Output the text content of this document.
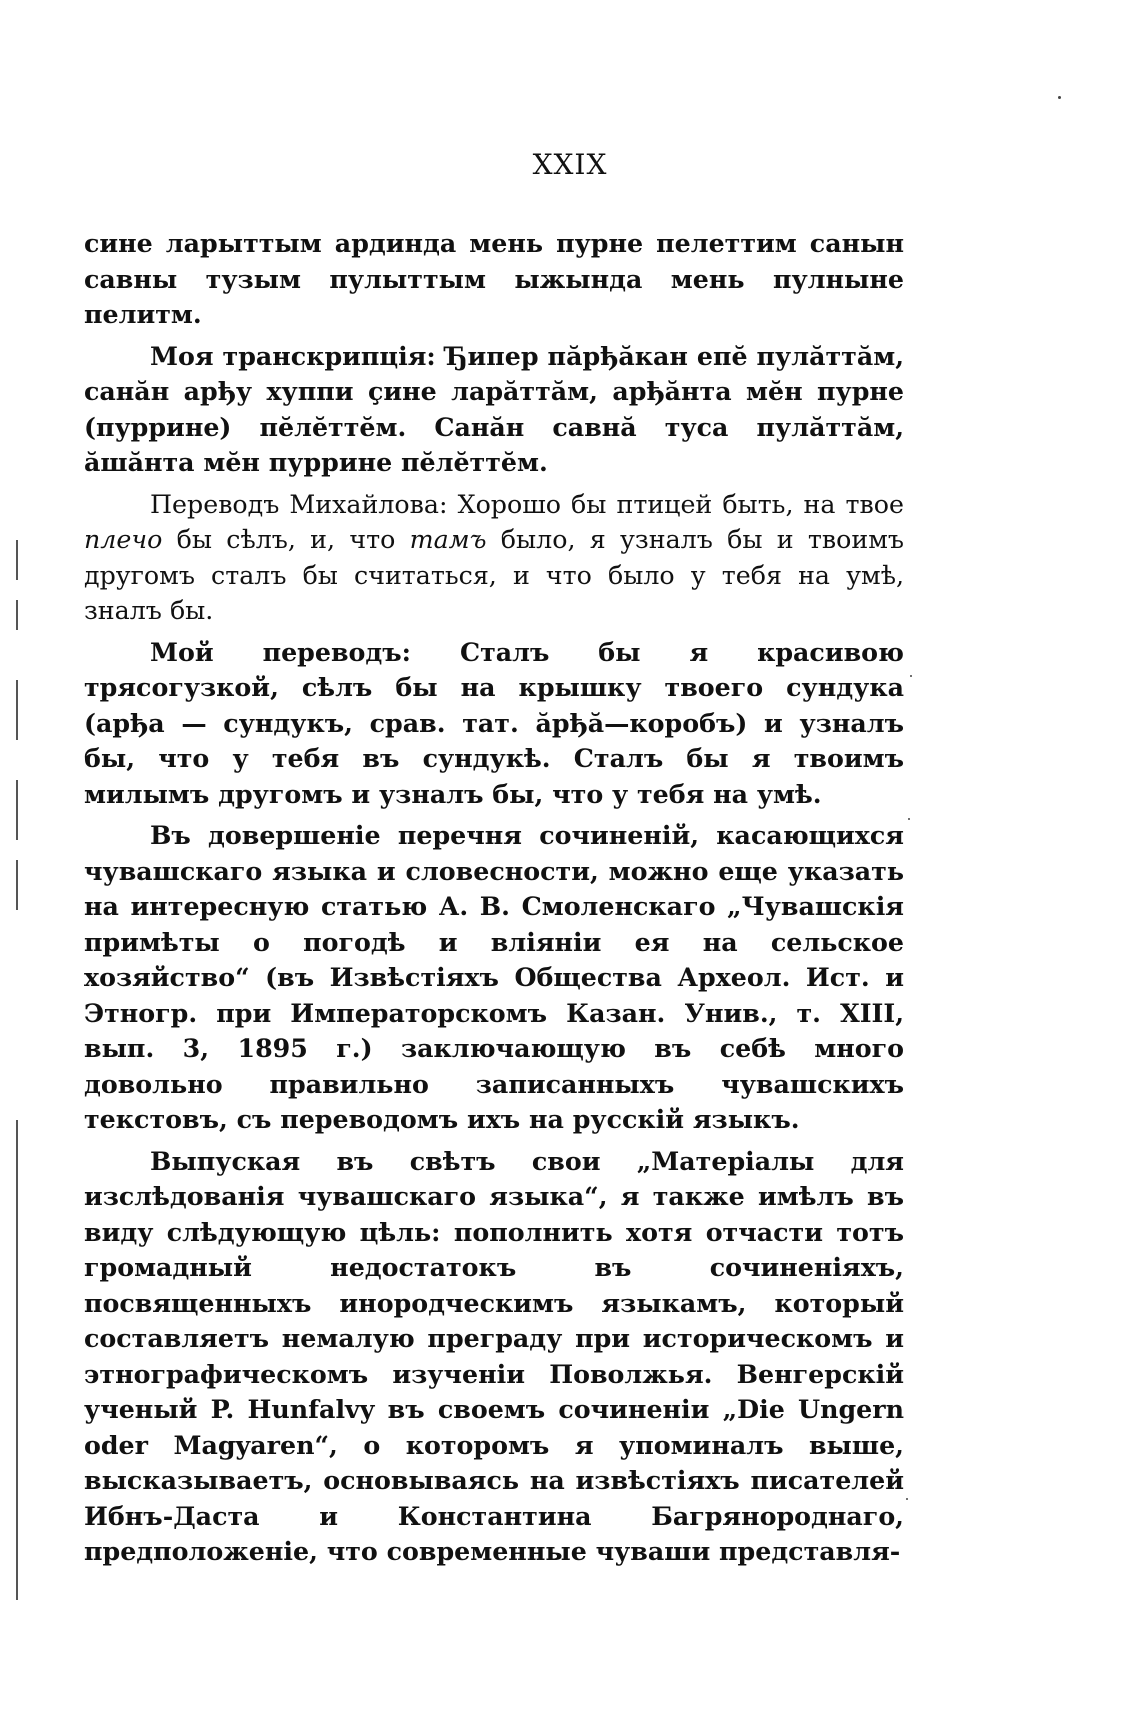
XXIX

сине ларыттым ардинда мень пурне пелеттим санын савны тузым пулыттым ыжында мень пулныне пелитм.

Моя транскрипція: Ђипер пăрђăкан епĕ пулăттăм, санăн арђу хуппи çине ларăттăм, арђăнта мĕн пурне (пуррине) пĕлĕттĕм. Санăн савнă туса пулăттăм, ăшăнта мĕн пуррине пĕлĕттĕм.

Переводъ Михайлова: Хорошо бы птицей быть, на твое плечо бы сѣлъ, и, что тамъ было, я узналъ бы и твоимъ другомъ сталъ бы считаться, и что было у тебя на умѣ, зналъ бы.

Мой переводъ: Сталъ бы я красивою трясогузкой, сѣлъ бы на крышку твоего сундука (арђа — сундукъ, срав. тат. ăрђă—коробъ) и узналъ бы, что у тебя въ сундукѣ. Сталъ бы я твоимъ милымъ другомъ и узналъ бы, что у тебя на умѣ.

Въ довершеніе перечня сочиненій, касающихся чувашскаго языка и словесности, можно еще указать на интересную статью А. В. Смоленскаго „Чувашскія примѣты о погодѣ и вліяніи ея на сельское хозяйство“ (въ Извѣстіяхъ Общества Археол. Ист. и Этногр. при Императорскомъ Казан. Унив., т. XIII, вып. 3, 1895 г.) заключающую въ себѣ много довольно правильно записанныхъ чувашскихъ текстовъ, съ переводомъ ихъ на русскій языкъ.

Выпуская въ свѣтъ свои „Матеріалы для изслѣдованія чувашскаго языка“, я также имѣлъ въ виду слѣдующую цѣль: пополнить хотя отчасти тотъ громадный недостатокъ въ сочиненіяхъ, посвященныхъ инородческимъ языкамъ, который составляетъ немалую преграду при историческомъ и этнографическомъ изученіи Поволжья. Венгерскій ученый P. Hunfalvy въ своемъ сочиненіи „Die Ungern oder Magyaren“, о которомъ я упоминалъ выше, высказываетъ, основываясь на извѣстіяхъ писателей Ибнъ-Даста и Константина Багрянороднаго, предположеніе, что современные чуваши представля-
